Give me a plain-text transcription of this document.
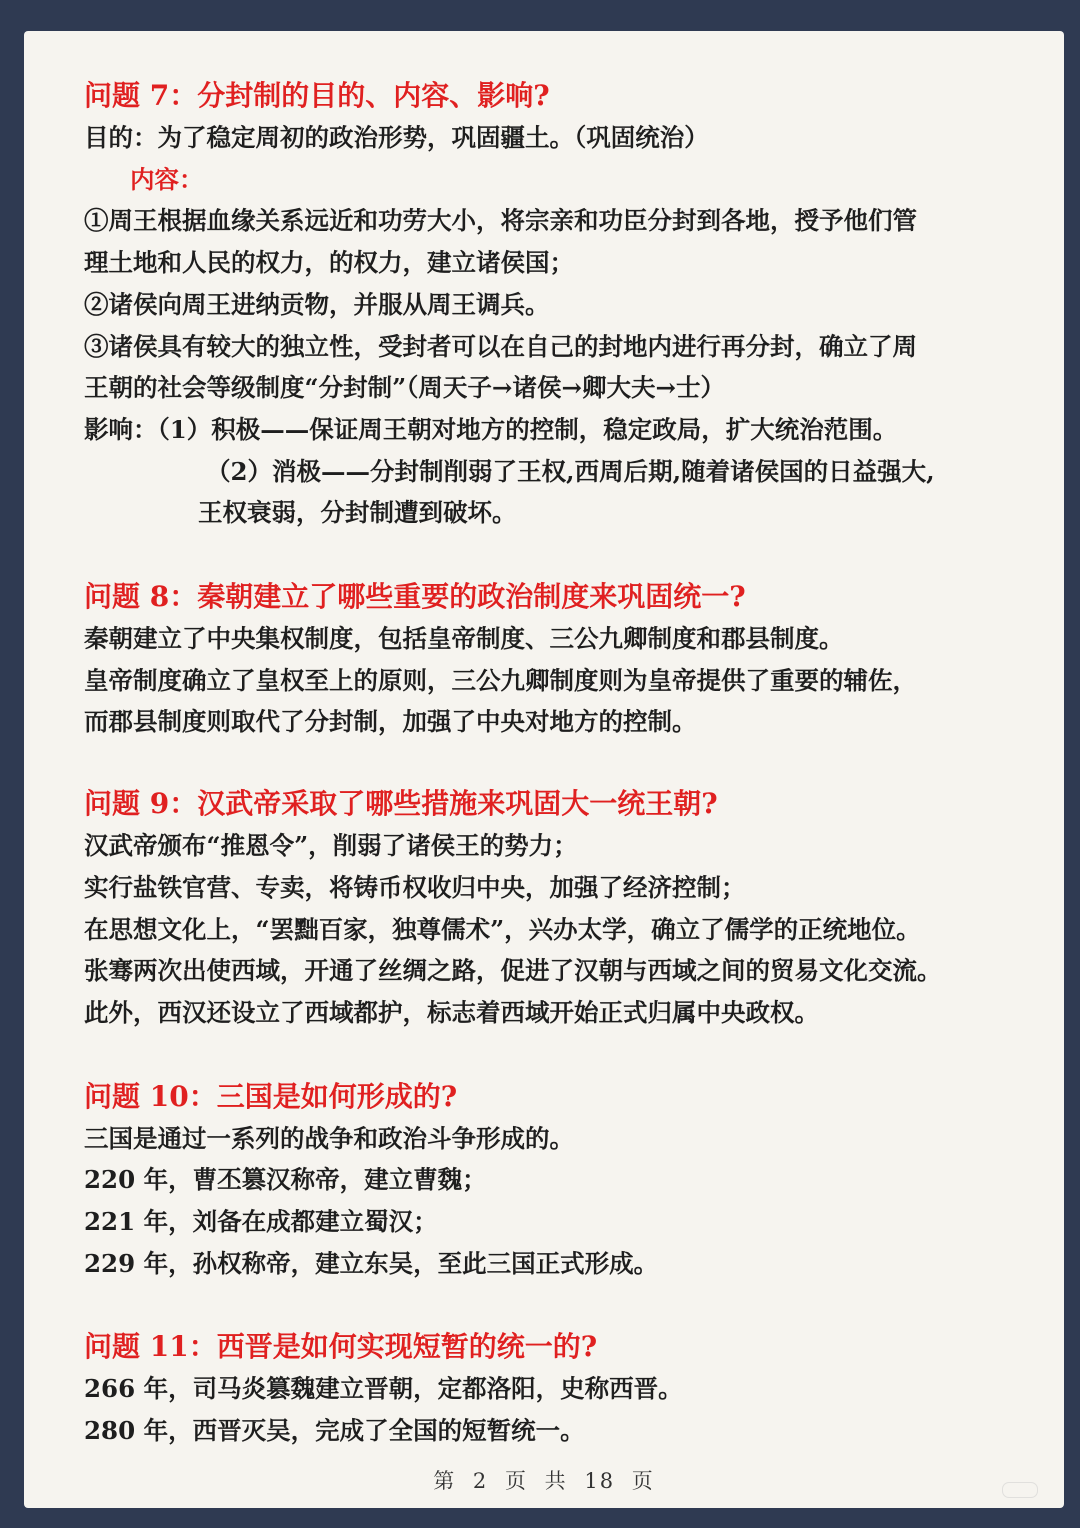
问题 7：分封制的目的、内容、影响?
目的：为了稳定周初的政治形势，巩固疆土。（巩固统治）
内容：
①周王根据血缘关系远近和功劳大小，将宗亲和功臣分封到各地，授予他们管
理土地和人民的权力，的权力，建立诸侯国；
②诸侯向周王进纳贡物，并服从周王调兵。
③诸侯具有较大的独立性，受封者可以在自己的封地内进行再分封，确立了周
王朝的社会等级制度“分封制”（周天子→诸侯→卿大夫→士）
影响：（1）积极——保证周王朝对地方的控制，稳定政局，扩大统治范围。
（2）消极——分封制削弱了王权,西周后期,随着诸侯国的日益强大,
王权衰弱，分封制遭到破坏。
问题 8：秦朝建立了哪些重要的政治制度来巩固统一?
秦朝建立了中央集权制度，包括皇帝制度、三公九卿制度和郡县制度。
皇帝制度确立了皇权至上的原则，三公九卿制度则为皇帝提供了重要的辅佐，
而郡县制度则取代了分封制，加强了中央对地方的控制。
问题 9：汉武帝采取了哪些措施来巩固大一统王朝?
汉武帝颁布“推恩令”，削弱了诸侯王的势力；
实行盐铁官营、专卖，将铸币权收归中央，加强了经济控制；
在思想文化上，“罢黜百家，独尊儒术”，兴办太学，确立了儒学的正统地位。
张骞两次出使西域，开通了丝绸之路，促进了汉朝与西域之间的贸易文化交流。
此外，西汉还设立了西域都护，标志着西域开始正式归属中央政权。
问题 10：三国是如何形成的?
三国是通过一系列的战争和政治斗争形成的。
220 年，曹丕篡汉称帝，建立曹魏；
221 年，刘备在成都建立蜀汉；
229 年，孙权称帝，建立东吴，至此三国正式形成。
问题 11：西晋是如何实现短暂的统一的?
266 年，司马炎篡魏建立晋朝，定都洛阳，史称西晋。
280 年，西晋灭吴，完成了全国的短暂统一。
第 2 页 共 18 页
